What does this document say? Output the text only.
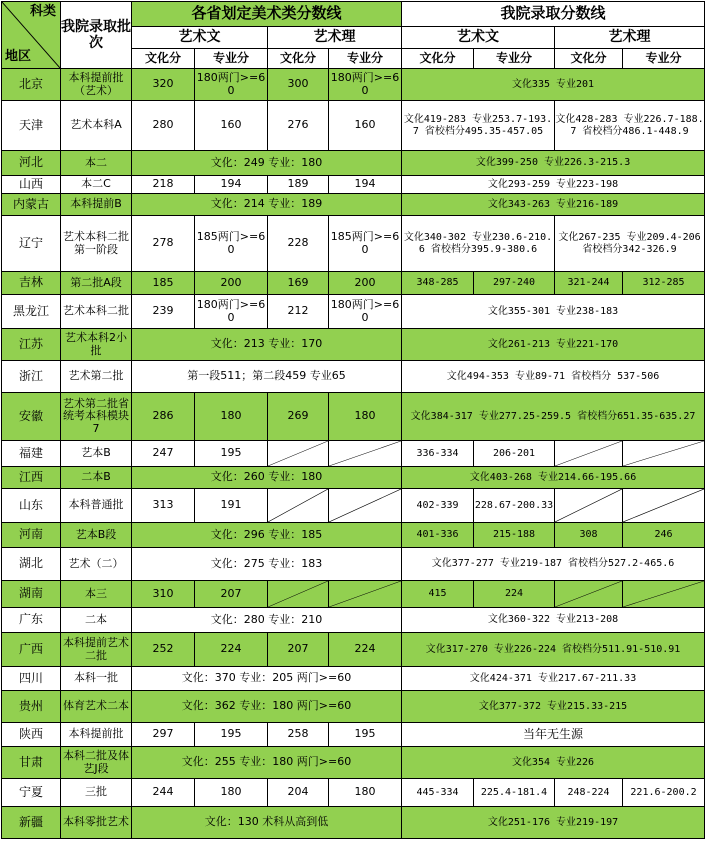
科类
地区	我院录取批次	各省划定美术类分数线				我院录取分数线			
		艺术文		艺术理		艺术文		艺术理	
		文化分	专业分	文化分	专业分	文化分	专业分	文化分	专业分
北京	本科提前批（艺术）	320	180两门>=60	300	180两门>=60	文化335 专业201			
天津	艺术本科A	280	160	276	160	文化419-283 专业253.7-193.7 省校档分495.35-457.05		文化428-283 专业226.7-188.7 省校档分486.1-448.9	
河北	本二	文化：249 专业：180				文化399-250 专业226.3-215.3			
山西	本二C	218	194	189	194	文化293-259 专业223-198			
内蒙古	本科提前B	文化：214 专业：189				文化343-263 专业216-189			
辽宁	艺术本科二批第一阶段	278	185两门>=60	228	185两门>=60	文化340-302 专业230.6-210.6 省校档分395.9-380.6		文化267-235 专业209.4-206 省校档分342-326.9	
吉林	第二批A段	185	200	169	200	348-285	297-240	321-244	312-285
黑龙江	艺术本科二批	239	180两门>=60	212	180两门>=60	文化355-301 专业238-183			
江苏	艺术本科2小批	文化：213 专业：170				文化261-213 专业221-170			
浙江	艺术第二批	第一段511；第二段459 专业65				文化494-353 专业89-71 省校档分 537-506			
安徽	艺术第二批省统考本科模块7	286	180	269	180	文化384-317 专业277.25-259.5 省校档分651.35-635.27			
福建	艺本B	247	195			336-334	206-201	

江西	二本B	文化：260 专业：180				文化403-268 专业214.66-195.66			
山东	本科普通批	313	191			402-339	228.67-200.33	

河南	艺本B段	文化：296 专业：185				401-336	215-188	308	246
湖北	艺术（二）	文化：275 专业：183				文化377-277 专业219-187 省校档分527.2-465.6			
湖南	本三	310	207			415	224	

广东	二本	文化：280 专业：210				文化360-322 专业213-208			
广西	本科提前艺术二批	252	224	207	224	文化317-270 专业226-224 省校档分511.91-510.91			
四川	本科一批	文化：370 专业：205 两门>=60				文化424-371 专业217.67-211.33			
贵州	体育艺术二本	文化：362 专业：180 两门>=60				文化377-372 专业215.33-215			
陕西	本科提前批	297	195	258	195	当年无生源			
甘肃	本科二批及体艺J段	文化：255 专业：180 两门>=60				文化354 专业226			
宁夏	三批	244	180	204	180	445-334	225.4-181.4	248-224	221.6-200.2
新疆	本科零批艺术	文化：130 术科从高到低				文化251-176 专业219-197			
